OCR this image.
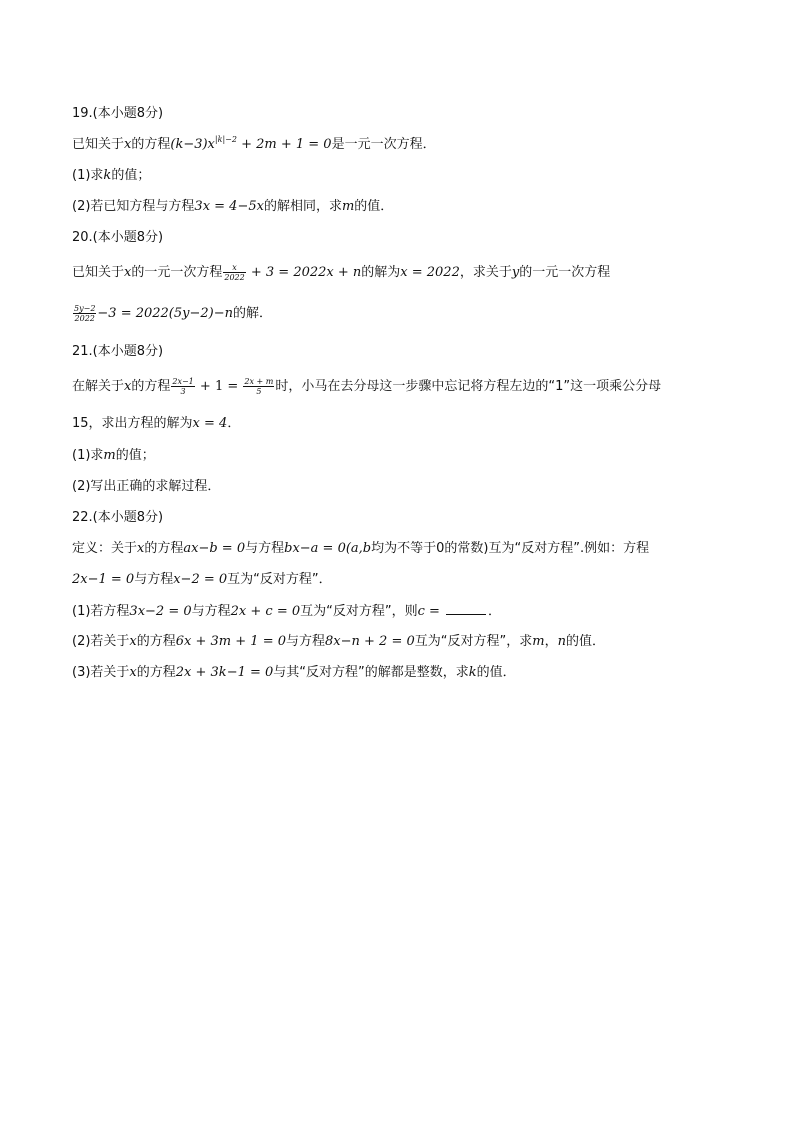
19.(本小题8分)
已知关于x的方程$(k-3)x^{|k|-2} + 2m + 1 = 0$是一元一次方程．
(1)求k的值；
(2)若已知方程与方程3x = 4−5x的解相同，求m的值．
20.(本小题8分)
已知关于x的一元一次方程 $\frac{x}{2022} + 3 = 2022x + n$的解为x = 2022，求关于y的一元一次方程
$\frac{5y-2}{2022} -3 = 2022(5y-2)-n$的解．
21.(本小题8分)
在解关于x的方程 $\frac{2x-1}{3} + 1 = \frac{2x + m}{5}$ 时，小马在去分母这一步骤中忘记将方程左边的“1”这一项乘公分母
15，求出方程的解为x = 4．
(1)求m的值；
(2)写出正确的求解过程．
22.(本小题8分)
定义：关于x的方程ax−b = 0与方程bx−a = 0(a,b均为不等于0的常数)互为“反对方程”.例如：方程
2x−1 = 0与方程x−2 = 0互为“反对方程”．
(1)若方程3x−2 = 0与方程2x + c = 0互为“反对方程”，则c =	．
(2)若关于x的方程6x + 3m + 1 = 0与方程8x−n + 2 = 0互为“反对方程”，求m，n的值．
(3)若关于x的方程2x + 3k−1 = 0与其“反对方程”的解都是整数，求k的值．
